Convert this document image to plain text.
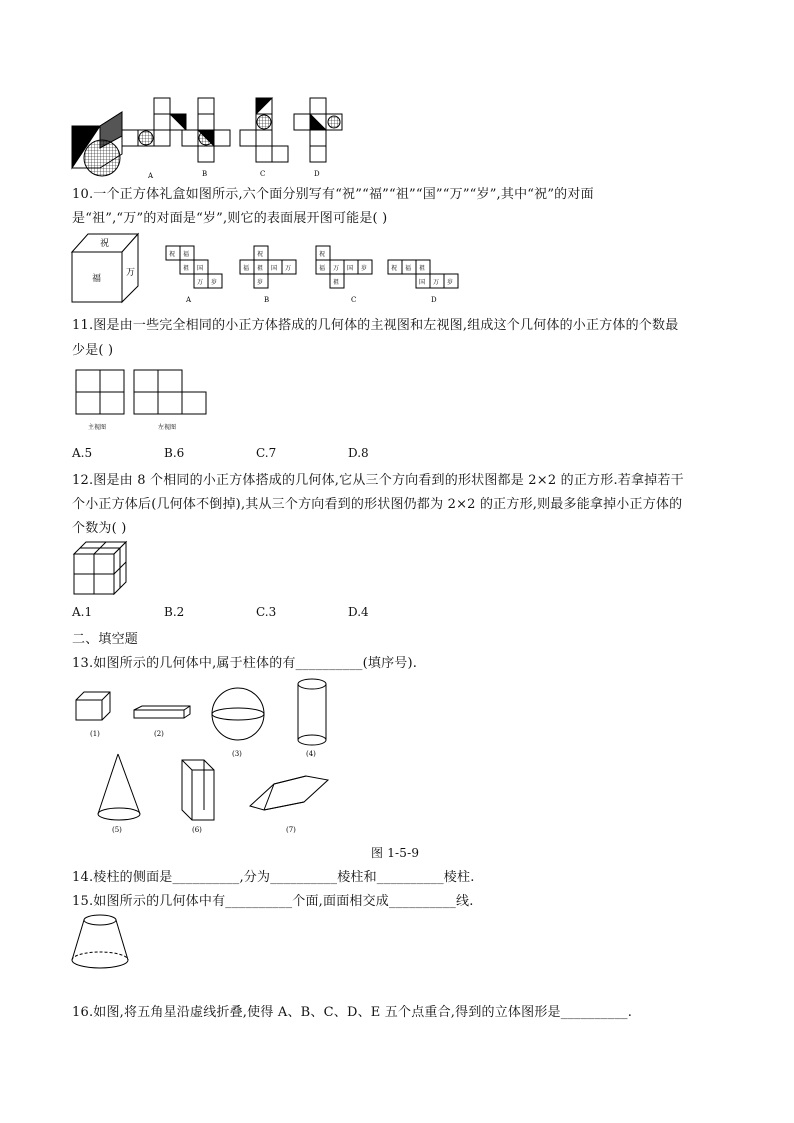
A	B	C	D
10.一个正方体礼盒如图所示,六个面分别写有“祝”“福”“祖”“国”“万”“岁”,其中“祝”的对面
是“祖”,“万”的对面是“岁”,则它的表面展开图可能是( )
祝
福
万
祝 福
祖 国
万 岁
祝
福 祖 国 万
岁
祝
福 万 国 岁
祖
祝 福 祖
国 万 岁
A	B	C	D
11.图是由一些完全相同的小正方体搭成的几何体的主视图和左视图,组成这个几何体的小正方体的个数最
少是( )
主视图	左视图
A.5	B.6	C.7	D.8
12.图是由 8 个相同的小正方体搭成的几何体,它从三个方向看到的形状图都是 2×2 的正方形.若拿掉若干
个小正方体后(几何体不倒掉),其从三个方向看到的形状图仍都为 2×2 的正方形,则最多能拿掉小正方体的
个数为( )
A.1	B.2	C.3	D.4
二、填空题
13.如图所示的几何体中,属于柱体的有__________(填序号).
(1)	(2)
(3)	(4)
(5)	(6)	(7)
图 1-5-9
14.棱柱的侧面是__________,分为__________棱柱和__________棱柱.
15.如图所示的几何体中有__________个面,面面相交成__________线.
16.如图,将五角星沿虚线折叠,使得 A、B、C、D、E 五个点重合,得到的立体图形是__________.
